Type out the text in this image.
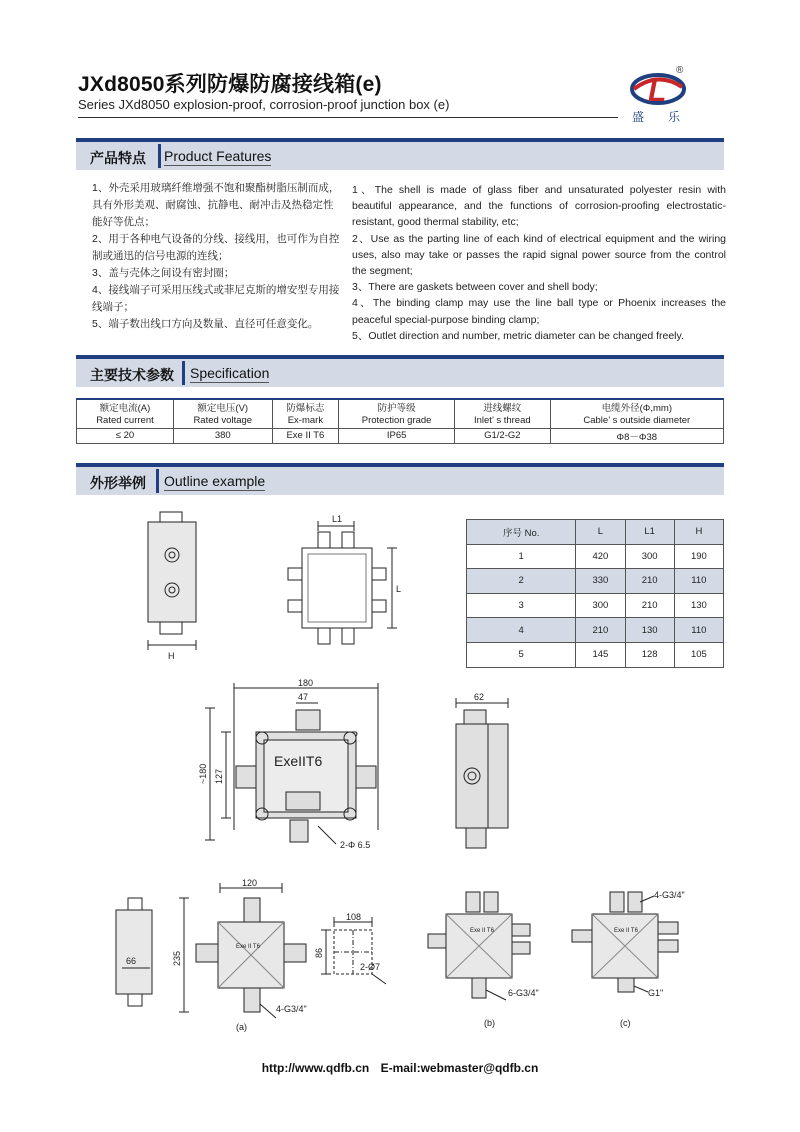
JXd8050系列防爆防腐接线箱(e)
Series JXd8050 explosion-proof, corrosion-proof junction box (e)	L
®
盛 乐
产品特点 Product Features

1、外壳采用玻璃纤维增强不饱和聚酯树脂压制而成，具有外形美观、耐腐蚀、抗静电、耐冲击及热稳定性能好等优点；

2、用于各种电气设备的分线、接线用，也可作为自控制或通迅的信号电源的连线；

3、盖与壳体之间设有密封圈；

4、接线端子可采用压线式或菲尼克斯的增安型专用接线端子；

5、端子数出线口方向及数量、直径可任意变化。

1、The shell is made of glass fiber and unsaturated polyester resin with beautiful appearance, and the functions of corrosion-proofing electrostatic-resistant, good thermal stability, etc;

2、Use as the parting line of each kind of electrical equipment and the wiring uses, also may take or passes the rapid signal power source from the control the segment;

3、There are gaskets between cover and shell body;

4、The binding clamp may use the line ball type or Phoenix increases the peaceful special-purpose binding clamp;

5、Outlet direction and number, metric diameter can be changed freely.

主要技术参数 Specification
额定电流(A)	额定电压(V)	防爆标志	防护等级	进线螺纹	电缆外径(Φ,mm)
Rated current	Rated voltage	Ex-mark	Protection grade	Inlet’ s thread	Cable’ s outside diameter
≤ 20	380	Exe II T6	IP65	G1/2-G2	Φ8－Φ38
外形举例 Outline example
序号 No.	L	L1	H
1	420	300	190
2	330	210	110
3	300	210	130
4	210	130	110
5	145	128	105
H
L1
L
180
47
ExeIIT6
~180 127
2-Φ 6.5
62
66
120
235
Exe II T6
4-G3/4"
108
86
2-Ø7
(a)
Exe II T6
6-G3/4"
(b)
Exe II T6
4-G3/4"
G1"
(c)
http://www.qdfb.cn E-mail:webmaster@qdfb.cn
